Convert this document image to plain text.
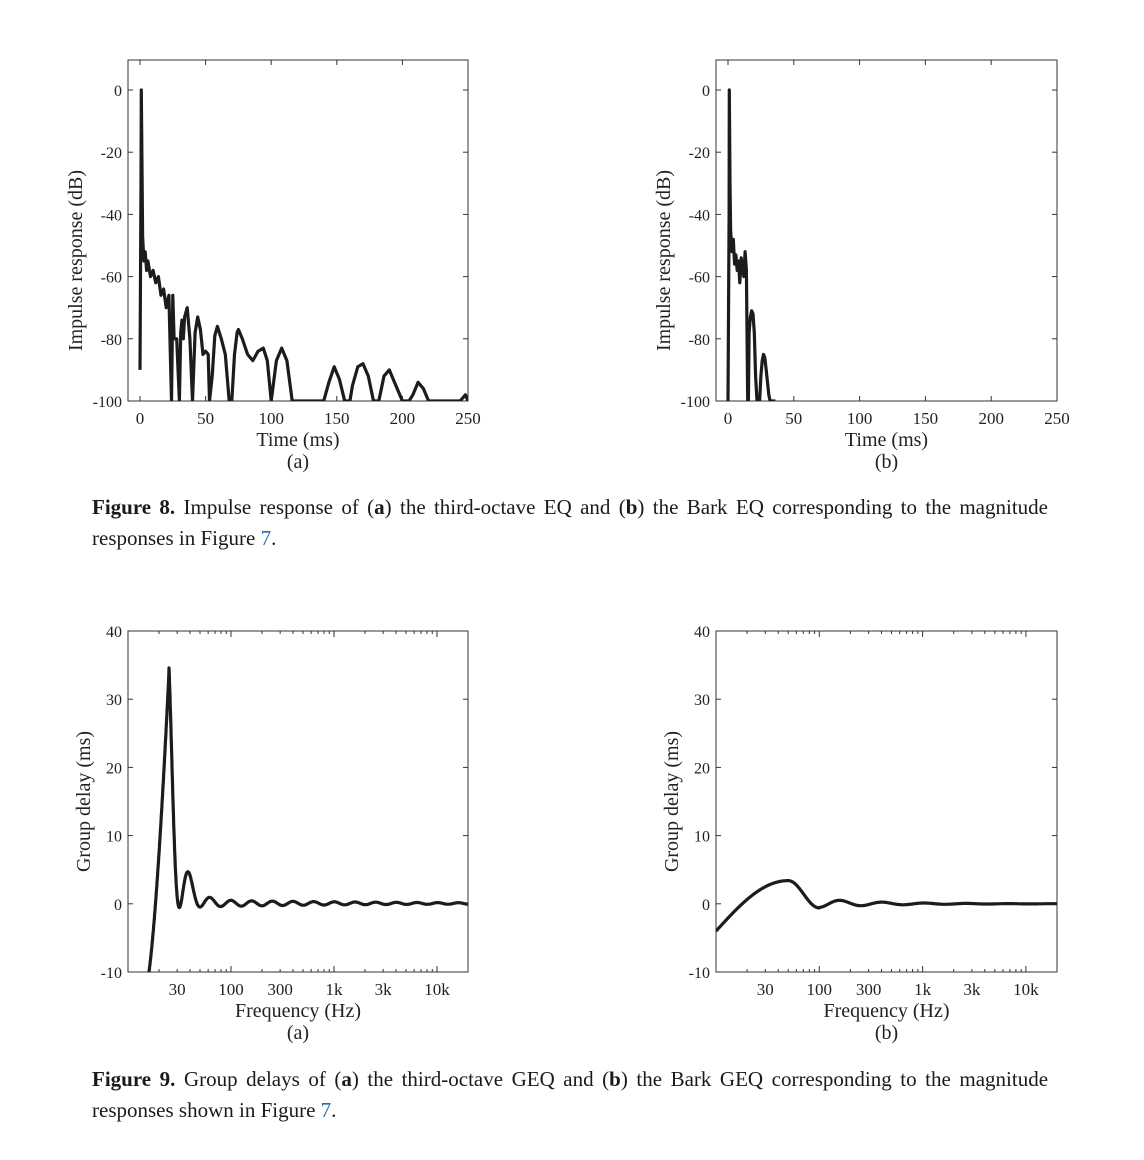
0
-20
-40
-60
-80
-100
0	50	100 150 200 250
Time (ms)
(a)
Impulse response (dB)
0
-20
-40
-60
-80
-100
0	50	100 150 200 250
Time (ms)
(b)
Impulse response (dB)
40
30
20
10
0
-10
30 100 300 1k 3k 10k
Frequency (Hz)
(a)
Group delay (ms)
40
30
20
10
0
-10
30 100 300 1k 3k 10k
Frequency (Hz)
(b)
Group delay (ms)
Figure 8. Impulse response of (a) the third-octave EQ and (b) the Bark EQ corresponding to the magnitude responses in Figure 7.
Figure 9. Group delays of (a) the third-octave GEQ and (b) the Bark GEQ corresponding to the magnitude responses shown in Figure 7.
